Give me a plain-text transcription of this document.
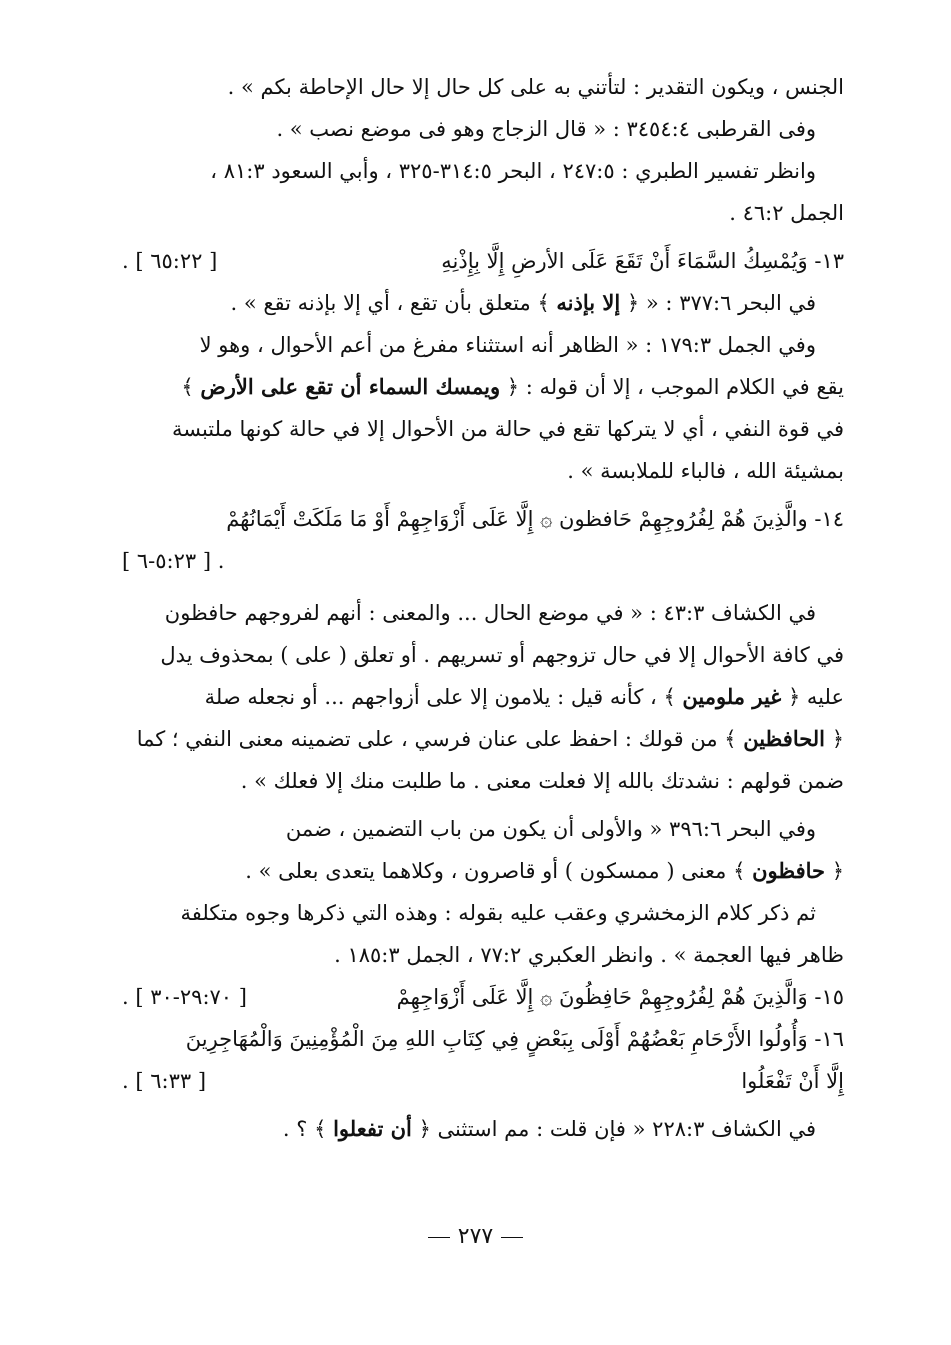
الجنس ، ويكون التقدير : لتأتني به على كل حال إلا حال الإحاطة بكم » .

وفى القرطبى ٣٤٥٤:٤ : « قال الزجاج وهو فى موضع نصب » .

وانظر تفسير الطبري : ٢٤٧:٥ ، البحر ٣١٤:٥-٣٢٥ ، وأبي السعود ٨١:٣ ،

الجمل ٤٦:٢ .

١٣- وَيُمْسِكُ السَّمَاءَ أَنْ تَقَعَ عَلَى الأرضِ إِلَّا بِإِذْنِهِ
[ ٦٥:٢٢ ] .

في البحر ٣٧٧:٦ : « ﴿ إلا بإذنه ﴾ متعلق بأن تقع ، أي إلا بإذنه تقع » .

وفي الجمل ١٧٩:٣ : « الظاهر أنه استثناء مفرغ من أعم الأحوال ، وهو لا

يقع في الكلام الموجب ، إلا أن قوله : ﴿ ويمسك السماء أن تقع على الأرض ﴾

في قوة النفي ، أي لا يتركها تقع في حالة من الأحوال إلا في حالة كونها ملتبسة

بمشيئة الله ، فالباء للملابسة » .

١٤- والَّذِينَ هُمْ لِفُرُوجِهِمْ حَافظون ۞ إِلَّا عَلَى أَزْوَاجِهِمْ أَوْ مَا مَلَكَتْ أَيْمَانُهُمْ

. [ ٥:٢٣-٦ ]

في الكشاف ٤٣:٣ : « في موضع الحال ... والمعنى : أنهم لفروجهم حافظون

في كافة الأحوال إلا في حال تزوجهم أو تسريهم . أو تعلق ( على ) بمحذوف يدل

عليه ﴿ غير ملومين ﴾ ، كأنه قيل : يلامون إلا على أزواجهم ... أو نجعله صلة

﴿ الحافظين ﴾ من قولك : احفظ على عنان فرسي ، على تضمينه معنى النفي ؛ كما

ضمن قولهم : نشدتك بالله إلا فعلت معنى . ما طلبت منك إلا فعلك » .

وفي البحر ٣٩٦:٦ « والأولى أن يكون من باب التضمين ، ضمن

﴿ حافظون ﴾ معنى ( ممسكون ) أو قاصرون ، وكلاهما يتعدى بعلى » .

ثم ذكر كلام الزمخشري وعقب عليه بقوله : وهذه التي ذكرها وجوه متكلفة

ظاهر فيها العجمة » . وانظر العكبري ٧٧:٢ ، الجمل ١٨٥:٣ .

١٥- وَالَّذِينَ هُمْ لِفُرُوجِهِمْ حَافِظُونَ ۞ إِلَّا عَلَى أَزْوَاجِهِمْ
[ ٢٩:٧٠-٣٠ ] .

١٦- وَأُولُوا الأَرْحَامِ بَعْضُهُمْ أَوْلَى بِبَعْضٍ فِي كِتَابِ اللهِ مِنَ الْمُؤْمِنِينَ وَالْمُهَاجِرِينَ

إِلَّا أَنْ تَفْعَلُوا
[ ٦:٣٣ ] .

في الكشاف ٢٢٨:٣ « فإن قلت : مم استثنى ﴿ أن تفعلوا ﴾ ؟ .

٢٧٧
